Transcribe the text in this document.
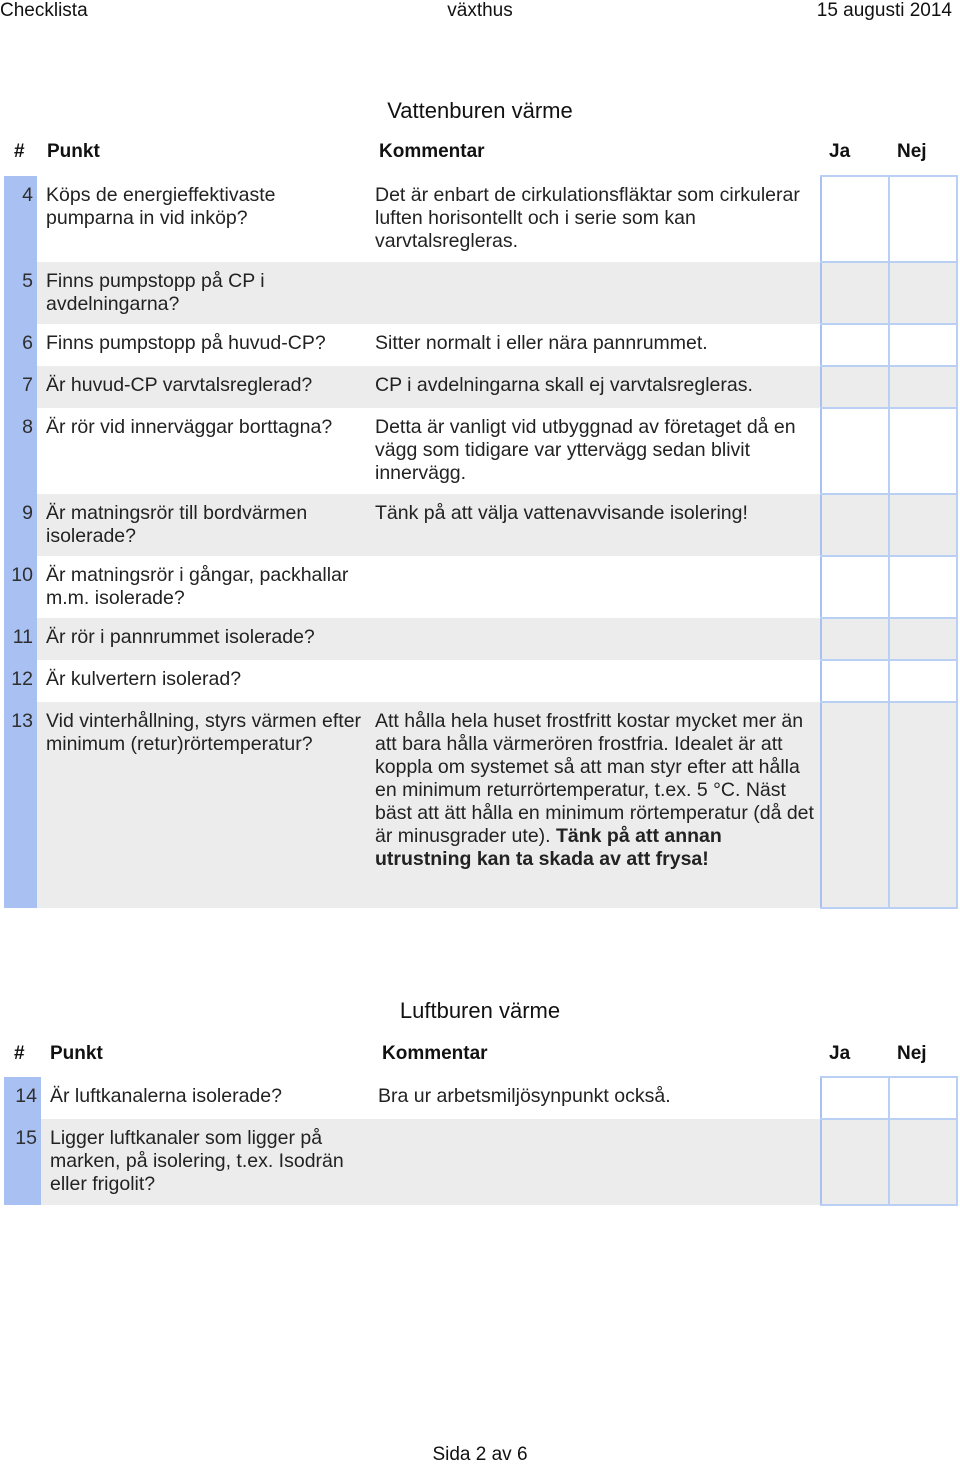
Checklista	växthus	15 augusti 2014
Vattenburen värme
# Punkt	Kommentar	Ja Nej
4	Köps de energieffektivaste pumparna in vid inköp?	Det är enbart de cirkulationsfläktar som cirkulerar luften horisontellt och i serie som kan varvtalsregleras.		
5	Finns pumpstopp på CP i avdelningarna?			
6	Finns pumpstopp på huvud-CP?	Sitter normalt i eller nära pannrummet.		
7	Är huvud-CP varvtalsreglerad?	CP i avdelningarna skall ej varvtalsregleras.		
8	Är rör vid innerväggar borttagna?	Detta är vanligt vid utbyggnad av företaget då en vägg som tidigare var yttervägg sedan blivit innervägg.		
9	Är matningsrör till bordvärmen isolerade?	Tänk på att välja vattenavvisande isolering!		
10	Är matningsrör i gångar, packhallar m.m. isolerade?			
11	Är rör i pannrummet isolerade?			
12	Är kulvertern isolerad?			
13	Vid vinterhållning, styrs värmen efter minimum (retur)rörtemperatur?	Att hålla hela huset frostfritt kostar mycket mer än att bara hålla värmerören frostfria. Idealet är att koppla om systemet så att man styr efter att hålla en minimum returrörtemperatur, t.ex. 5 °C. Näst bäst att ätt hålla en minimum rörtemperatur (då det är minusgrader ute). Tänk på att annan utrustning kan ta skada av att frysa!		
Luftburen värme
# Punkt	Kommentar	Ja Nej
14	Är luftkanalerna isolerade?	Bra ur arbetsmiljösynpunkt också.		
15	Ligger luftkanaler som ligger på marken, på isolering, t.ex. Isodrän eller frigolit?			
Sida 2 av 6
